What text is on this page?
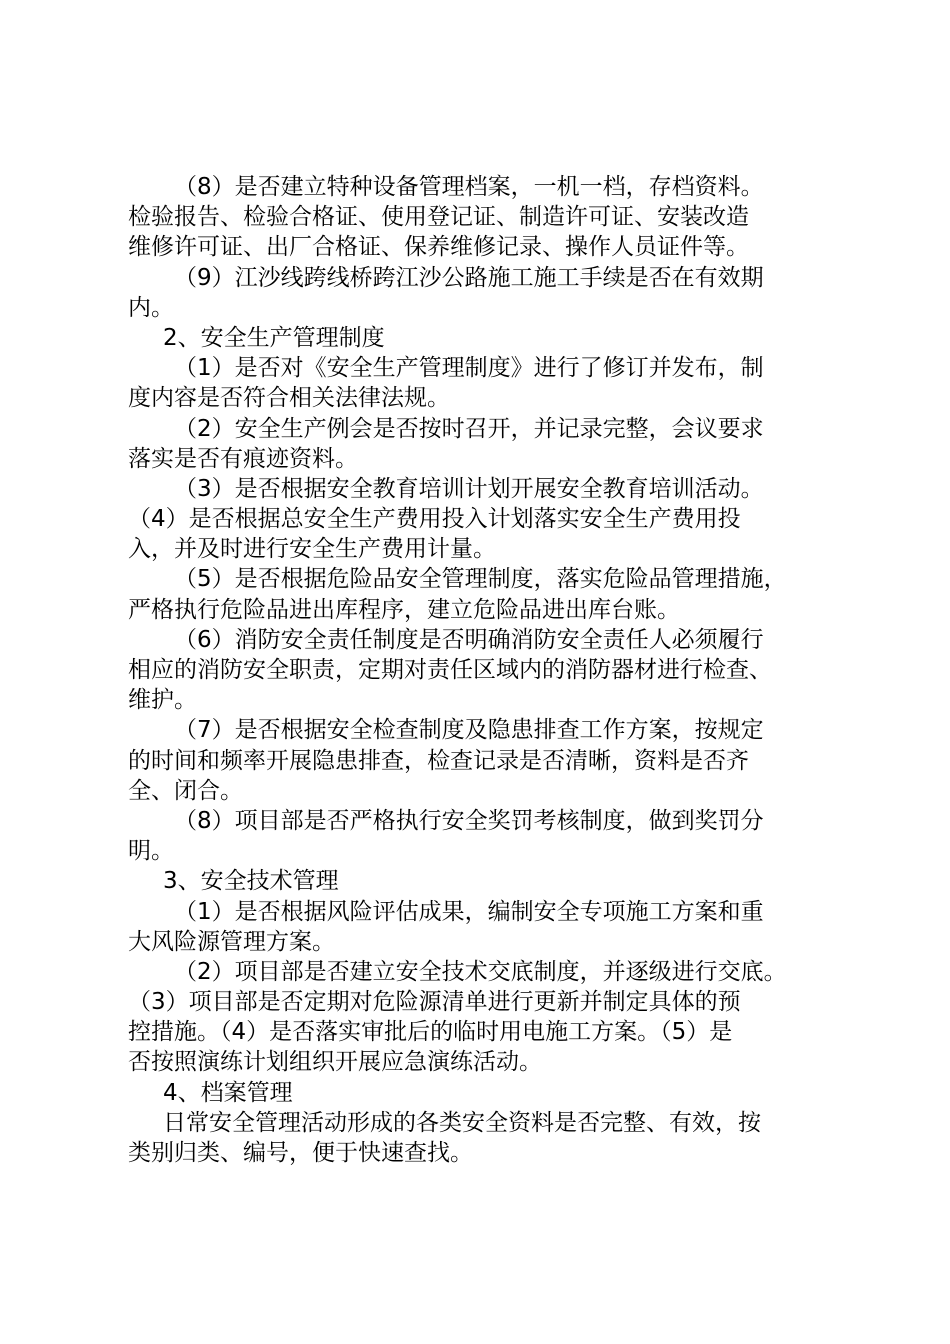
（8）是否建立特种设备管理档案，一机一档，存档资料。
检验报告、检验合格证、使用登记证、制造许可证、安装改造
维修许可证、出厂合格证、保养维修记录、操作人员证件等。
（9）江沙线跨线桥跨江沙公路施工施工手续是否在有效期
内。
2、安全生产管理制度
（1）是否对《安全生产管理制度》进行了修订并发布，制
度内容是否符合相关法律法规。
（2）安全生产例会是否按时召开，并记录完整，会议要求
落实是否有痕迹资料。
（3）是否根据安全教育培训计划开展安全教育培训活动。
（4）是否根据总安全生产费用投入计划落实安全生产费用投
入，并及时进行安全生产费用计量。
（5）是否根据危险品安全管理制度，落实危险品管理措施，
严格执行危险品进出库程序，建立危险品进出库台账。
（6）消防安全责任制度是否明确消防安全责任人必须履行
相应的消防安全职责，定期对责任区域内的消防器材进行检查、
维护。
（7）是否根据安全检查制度及隐患排查工作方案，按规定
的时间和频率开展隐患排查，检查记录是否清晰，资料是否齐
全、闭合。
（8）项目部是否严格执行安全奖罚考核制度，做到奖罚分
明。
3、安全技术管理
（1）是否根据风险评估成果，编制安全专项施工方案和重
大风险源管理方案。
（2）项目部是否建立安全技术交底制度，并逐级进行交底。
（3）项目部是否定期对危险源清单进行更新并制定具体的预
控措施。（4）是否落实审批后的临时用电施工方案。（5）是
否按照演练计划组织开展应急演练活动。
4、档案管理
日常安全管理活动形成的各类安全资料是否完整、有效，按
类别归类、编号，便于快速查找。
